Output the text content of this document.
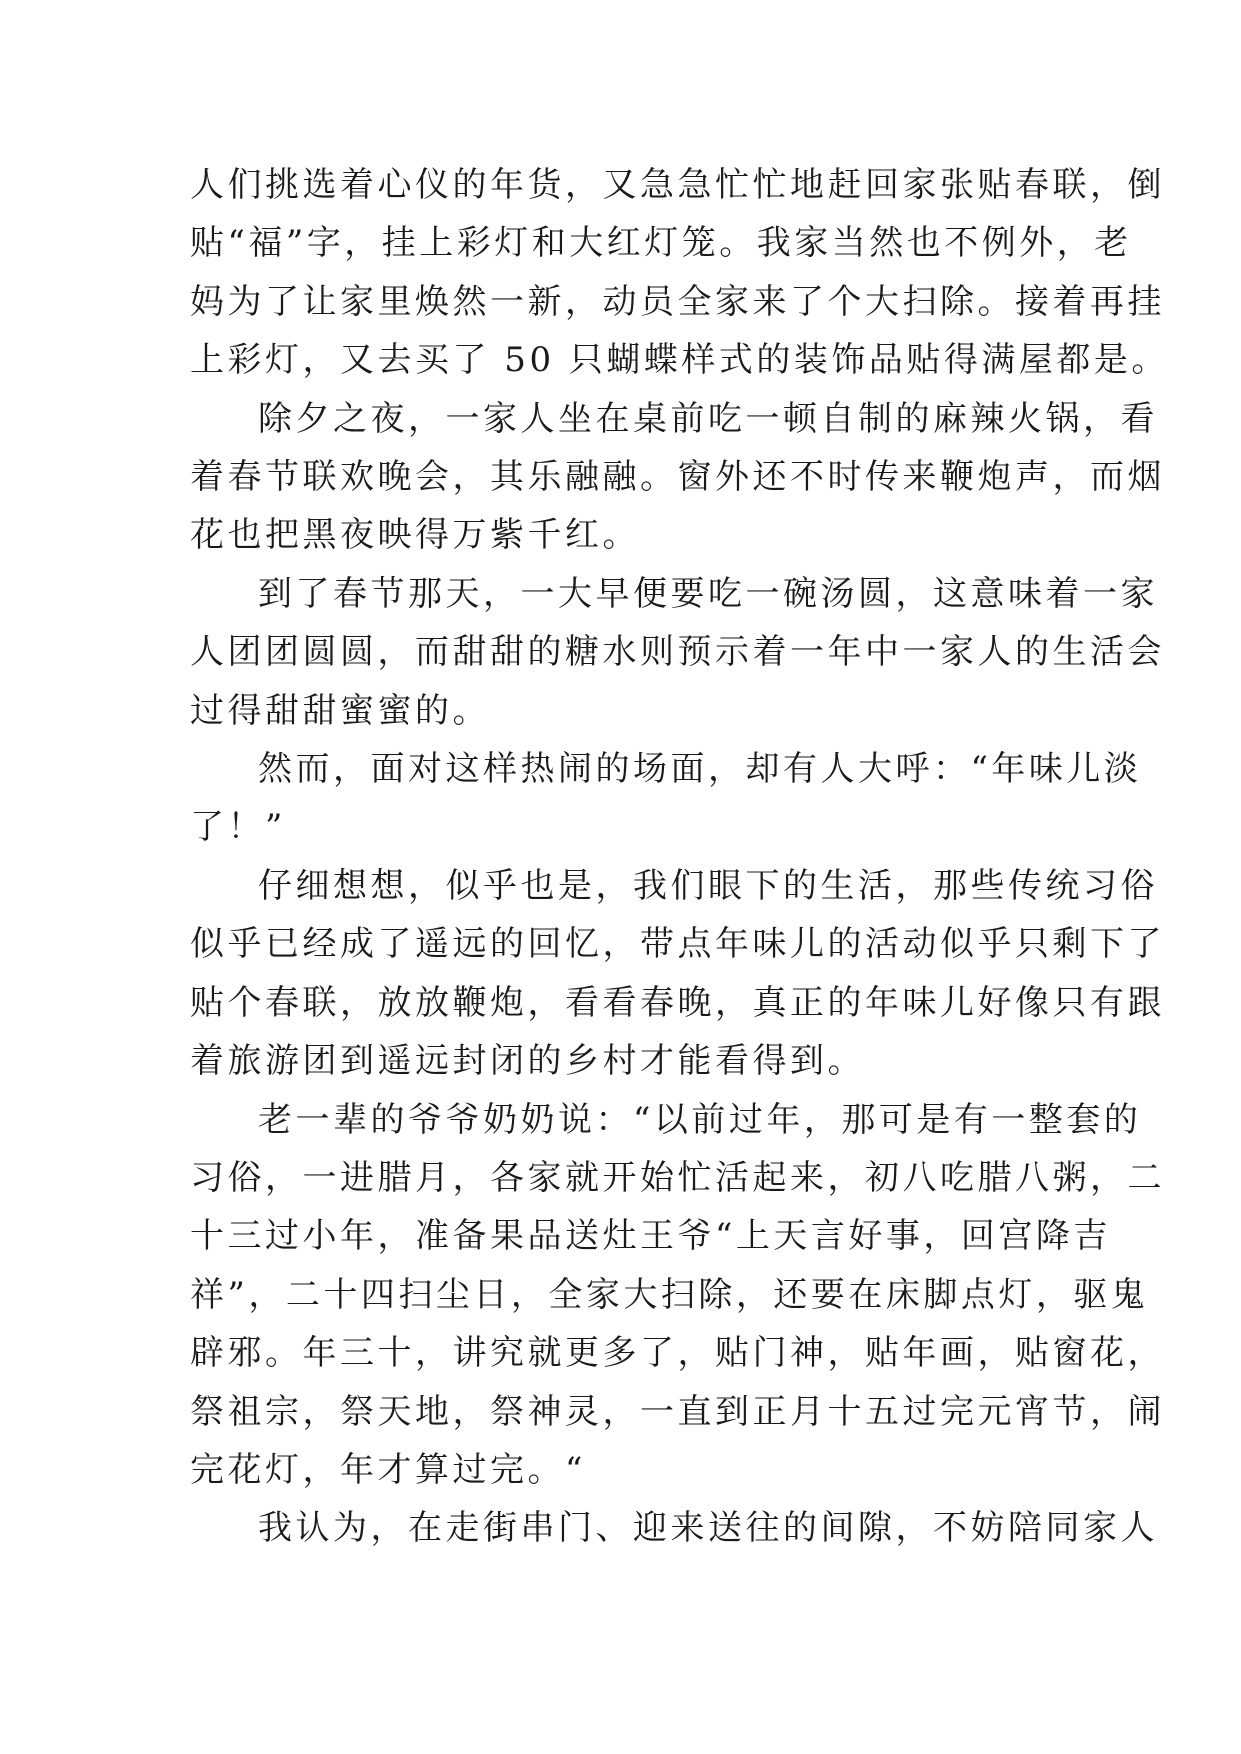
人们挑选着心仪的年货，又急急忙忙地赶回家张贴春联，倒
贴“福”字，挂上彩灯和大红灯笼。我家当然也不例外，老
妈为了让家里焕然一新，动员全家来了个大扫除。接着再挂
上彩灯，又去买了 50 只蝴蝶样式的装饰品贴得满屋都是。

除夕之夜，一家人坐在桌前吃一顿自制的麻辣火锅，看
着春节联欢晚会，其乐融融。窗外还不时传来鞭炮声，而烟
花也把黑夜映得万紫千红。

到了春节那天，一大早便要吃一碗汤圆，这意味着一家
人团团圆圆，而甜甜的糖水则预示着一年中一家人的生活会
过得甜甜蜜蜜的。

然而，面对这样热闹的场面，却有人大呼：“年味儿淡
了！”

仔细想想，似乎也是，我们眼下的生活，那些传统习俗
似乎已经成了遥远的回忆，带点年味儿的活动似乎只剩下了
贴个春联，放放鞭炮，看看春晚，真正的年味儿好像只有跟
着旅游团到遥远封闭的乡村才能看得到。

老一辈的爷爷奶奶说：“以前过年，那可是有一整套的
习俗，一进腊月，各家就开始忙活起来，初八吃腊八粥，二
十三过小年，准备果品送灶王爷“上天言好事，回宫降吉
祥”，二十四扫尘日，全家大扫除，还要在床脚点灯，驱鬼
辟邪。年三十，讲究就更多了，贴门神，贴年画，贴窗花，
祭祖宗，祭天地，祭神灵，一直到正月十五过完元宵节，闹
完花灯，年才算过完。“

我认为，在走街串门、迎来送往的间隙，不妨陪同家人
